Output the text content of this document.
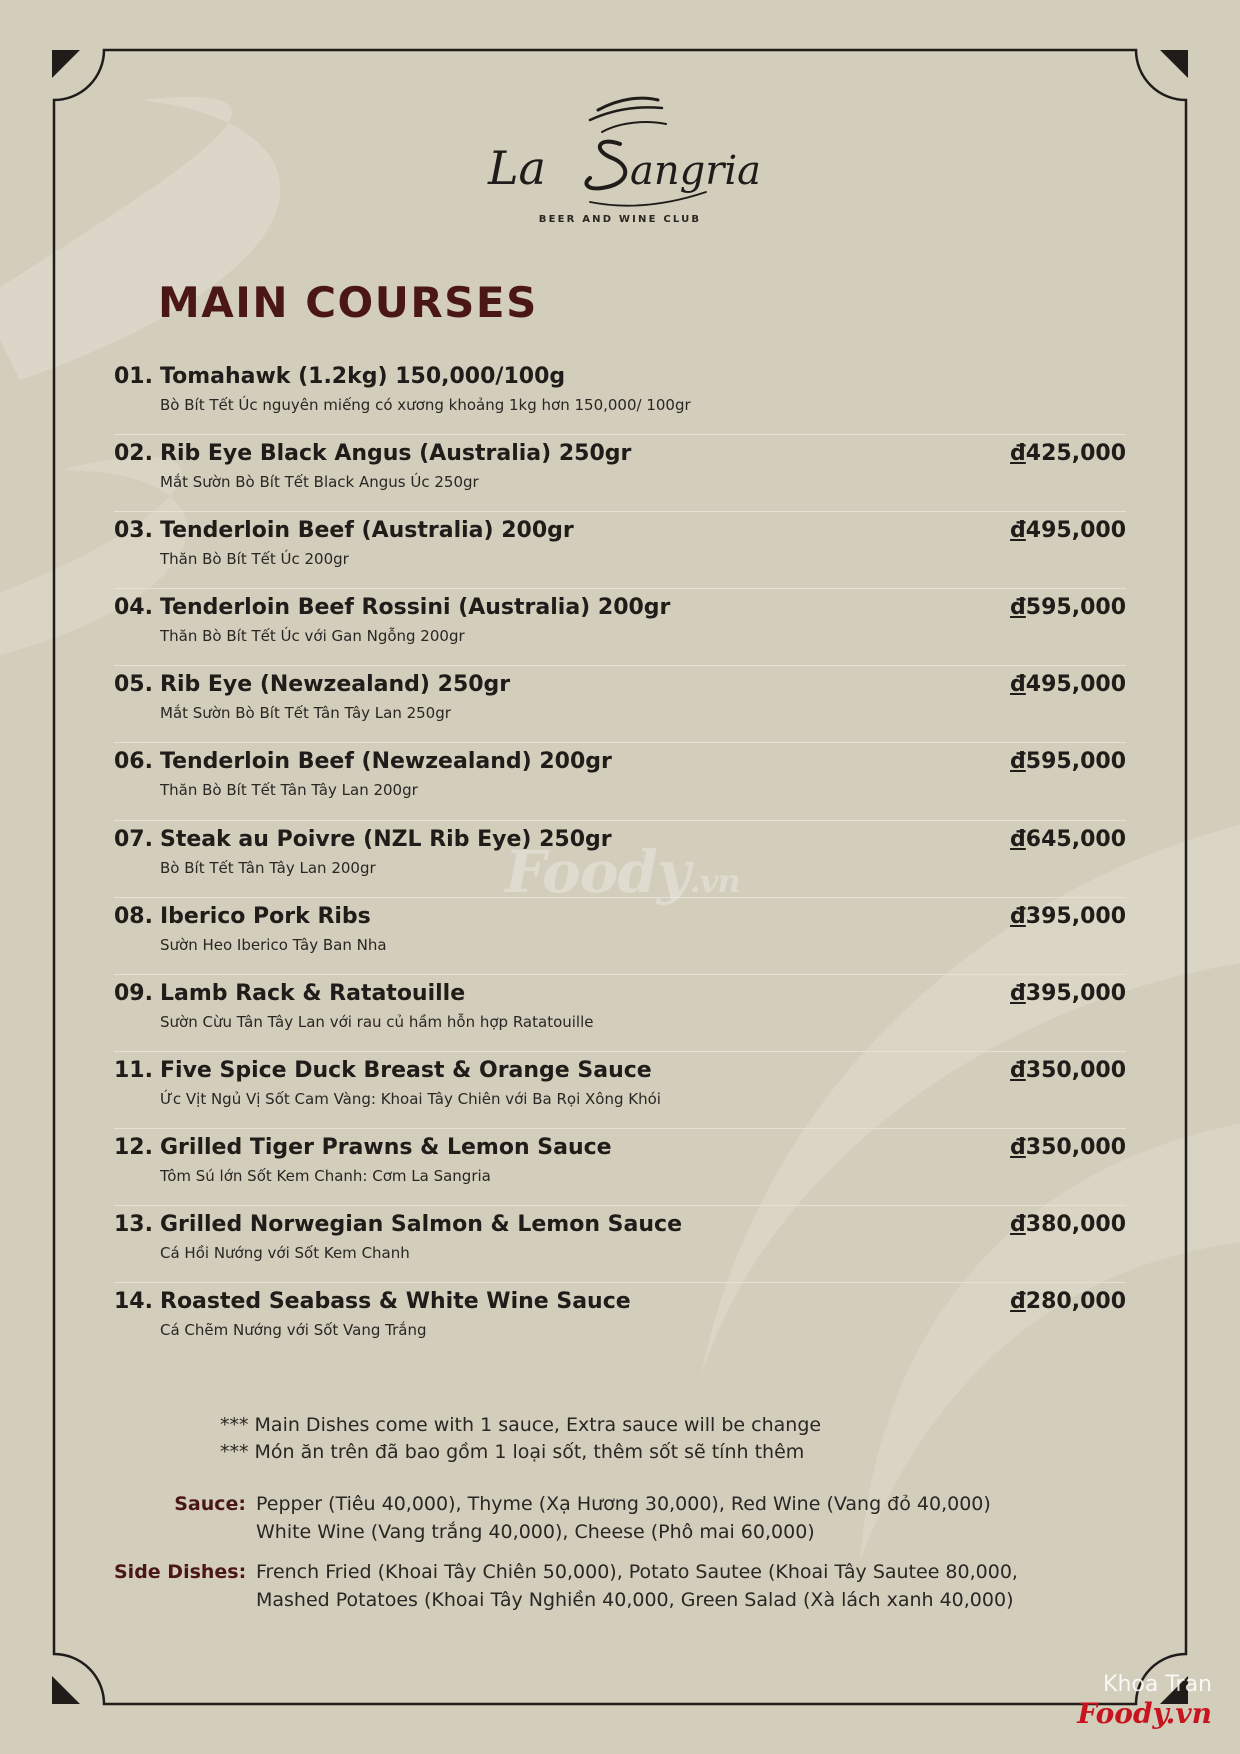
La angria
BEER AND WINE CLUB
MAIN COURSES
01. Tomahawk (1.2kg) 150,000/100g
Bò Bít Tết Úc nguyên miếng có xương khoảng 1kg hơn 150,000/ 100gr
02. Rib Eye Black Angus (Australia) 250gr
Mắt Sườn Bò Bít Tết Black Angus Úc 250gr
đ425,000
03. Tenderloin Beef (Australia) 200gr
Thăn Bò Bít Tết Úc 200gr
đ495,000
04. Tenderloin Beef Rossini (Australia) 200gr
Thăn Bò Bít Tết Úc với Gan Ngỗng 200gr
đ595,000
05. Rib Eye (Newzealand) 250gr
Mắt Sườn Bò Bít Tết Tân Tây Lan 250gr
đ495,000
06. Tenderloin Beef (Newzealand) 200gr
Thăn Bò Bít Tết Tân Tây Lan 200gr
đ595,000
07. Steak au Poivre (NZL Rib Eye) 250gr
Bò Bít Tết Tân Tây Lan 200gr
đ645,000
08. Iberico Pork Ribs
Sườn Heo Iberico Tây Ban Nha
đ395,000
09. Lamb Rack & Ratatouille
Sườn Cừu Tân Tây Lan với rau củ hầm hỗn hợp Ratatouille
đ395,000
11. Five Spice Duck Breast & Orange Sauce
Ức Vịt Ngủ Vị Sốt Cam Vàng: Khoai Tây Chiên với Ba Rọi Xông Khói
đ350,000
12. Grilled Tiger Prawns & Lemon Sauce
Tôm Sú lớn Sốt Kem Chanh: Cơm La Sangria
đ350,000
13. Grilled Norwegian Salmon & Lemon Sauce
Cá Hồi Nướng với Sốt Kem Chanh
đ380,000
14. Roasted Seabass & White Wine Sauce
Cá Chẽm Nướng với Sốt Vang Trắng
đ280,000
*** Main Dishes come with 1 sauce, Extra sauce will be change
*** Món ăn trên đã bao gồm 1 loại sốt, thêm sốt sẽ tính thêm
Sauce: Pepper (Tiêu 40,000), Thyme (Xạ Hương 30,000), Red Wine (Vang đỏ 40,000)
White Wine (Vang trắng 40,000), Cheese (Phô mai 60,000)
Side Dishes: French Fried (Khoai Tây Chiên 50,000), Potato Sautee (Khoai Tây Sautee 80,000,
Mashed Potatoes (Khoai Tây Nghiền 40,000, Green Salad (Xà lách xanh 40,000)
Foody.vn
Khoa Tran
Foody.vn
